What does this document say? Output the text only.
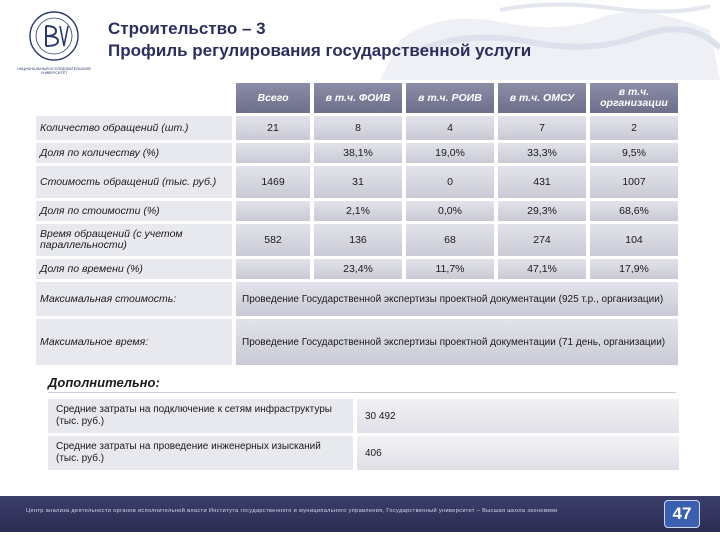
НАЦИОНАЛЬНЫЙ ИССЛЕДОВАТЕЛЬСКИЙ УНИВЕРСИТЕТ
Строительство – 3
Профиль регулирования государственной услуги
		Всего		в т.ч. ФОИВ		в т.ч. РОИВ		в т.ч. ОМСУ		в т.ч. организации
Количество обращений (шт.)		21		8		4		7		2
Доля по количеству (%)				38,1%		19,0%		33,3%		9,5%
Стоимость обращений (тыс. руб.)		1469		31		0		431		1007
Доля по стоимости (%)				2,1%		0,0%		29,3%		68,6%
Время обращений (с учетом параллельности)		582		136		68		274		104
Доля по времени (%)				23,4%		11,7%		47,1%		17,9%
Максимальная стоимость:		Проведение Государственной экспертизы проектной документации (925 т.р., организации)								
Максимальное время:		Проведение Государственной экспертизы проектной документации (71 день, организации)								
Дополнительно:
Средние затраты на подключение к сетям инфраструктуры (тыс. руб.)		30 492
Средние затраты на проведение инженерных изысканий (тыс. руб.)		406
Центр анализа деятельности органов исполнительной власти Института государственного и муниципального управления, Государственный университет – Высшая школа экономики	47
